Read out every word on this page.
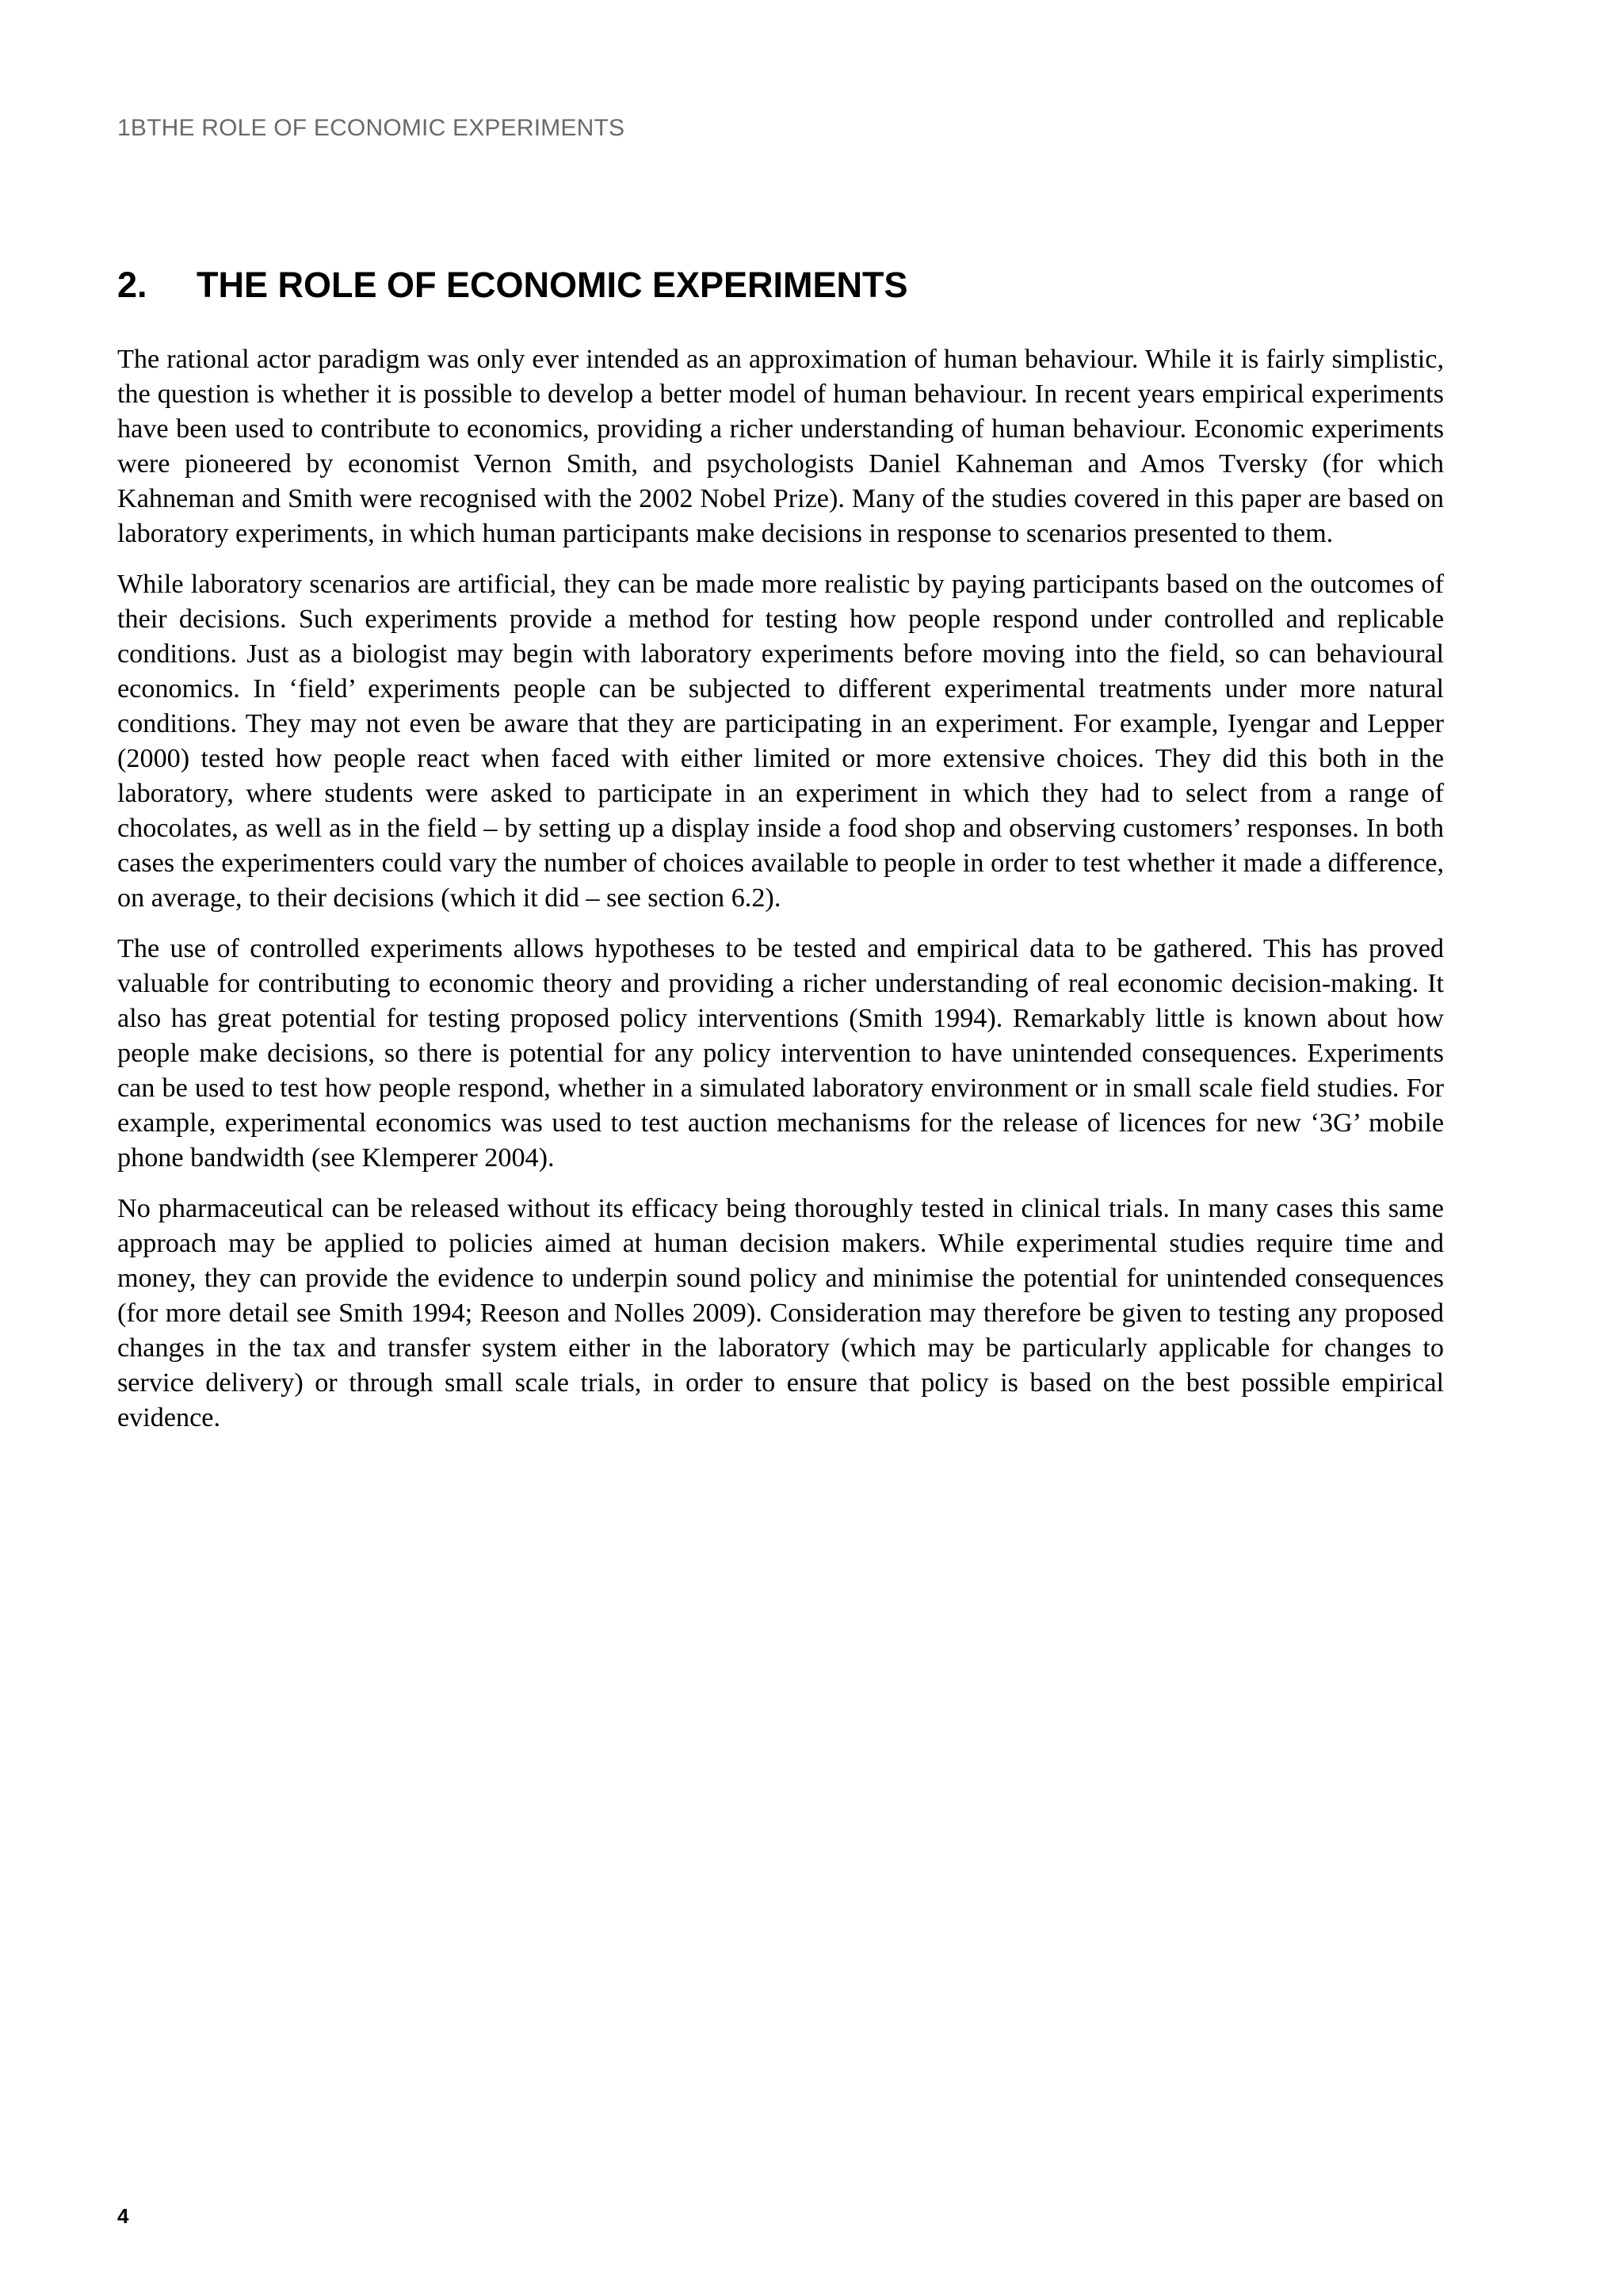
1BTHE ROLE OF ECONOMIC EXPERIMENTS
2.	THE ROLE OF ECONOMIC EXPERIMENTS

The rational actor paradigm was only ever intended as an approximation of human behaviour. While it is fairly simplistic, the question is whether it is possible to develop a better model of human behaviour. In recent years empirical experiments have been used to contribute to economics, providing a richer understanding of human behaviour. Economic experiments were pioneered by economist Vernon Smith, and psychologists Daniel Kahneman and Amos Tversky (for which Kahneman and Smith were recognised with the 2002 Nobel Prize). Many of the studies covered in this paper are based on laboratory experiments, in which human participants make decisions in response to scenarios presented to them.

While laboratory scenarios are artificial, they can be made more realistic by paying participants based on the outcomes of their decisions. Such experiments provide a method for testing how people respond under controlled and replicable conditions. Just as a biologist may begin with laboratory experiments before moving into the field, so can behavioural economics. In ‘field’ experiments people can be subjected to different experimental treatments under more natural conditions. They may not even be aware that they are participating in an experiment. For example, Iyengar and Lepper (2000) tested how people react when faced with either limited or more extensive choices. They did this both in the laboratory, where students were asked to participate in an experiment in which they had to select from a range of chocolates, as well as in the field – by setting up a display inside a food shop and observing customers’ responses. In both cases the experimenters could vary the number of choices available to people in order to test whether it made a difference, on average, to their decisions (which it did – see section 6.2).

The use of controlled experiments allows hypotheses to be tested and empirical data to be gathered. This has proved valuable for contributing to economic theory and providing a richer understanding of real economic decision-making. It also has great potential for testing proposed policy interventions (Smith 1994). Remarkably little is known about how people make decisions, so there is potential for any policy intervention to have unintended consequences. Experiments can be used to test how people respond, whether in a simulated laboratory environment or in small scale field studies. For example, experimental economics was used to test auction mechanisms for the release of licences for new ‘3G’ mobile phone bandwidth (see Klemperer 2004).

No pharmaceutical can be released without its efficacy being thoroughly tested in clinical trials. In many cases this same approach may be applied to policies aimed at human decision makers. While experimental studies require time and money, they can provide the evidence to underpin sound policy and minimise the potential for unintended consequences (for more detail see Smith 1994; Reeson and Nolles 2009). Consideration may therefore be given to testing any proposed changes in the tax and transfer system either in the laboratory (which may be particularly applicable for changes to service delivery) or through small scale trials, in order to ensure that policy is based on the best possible empirical evidence.

4
